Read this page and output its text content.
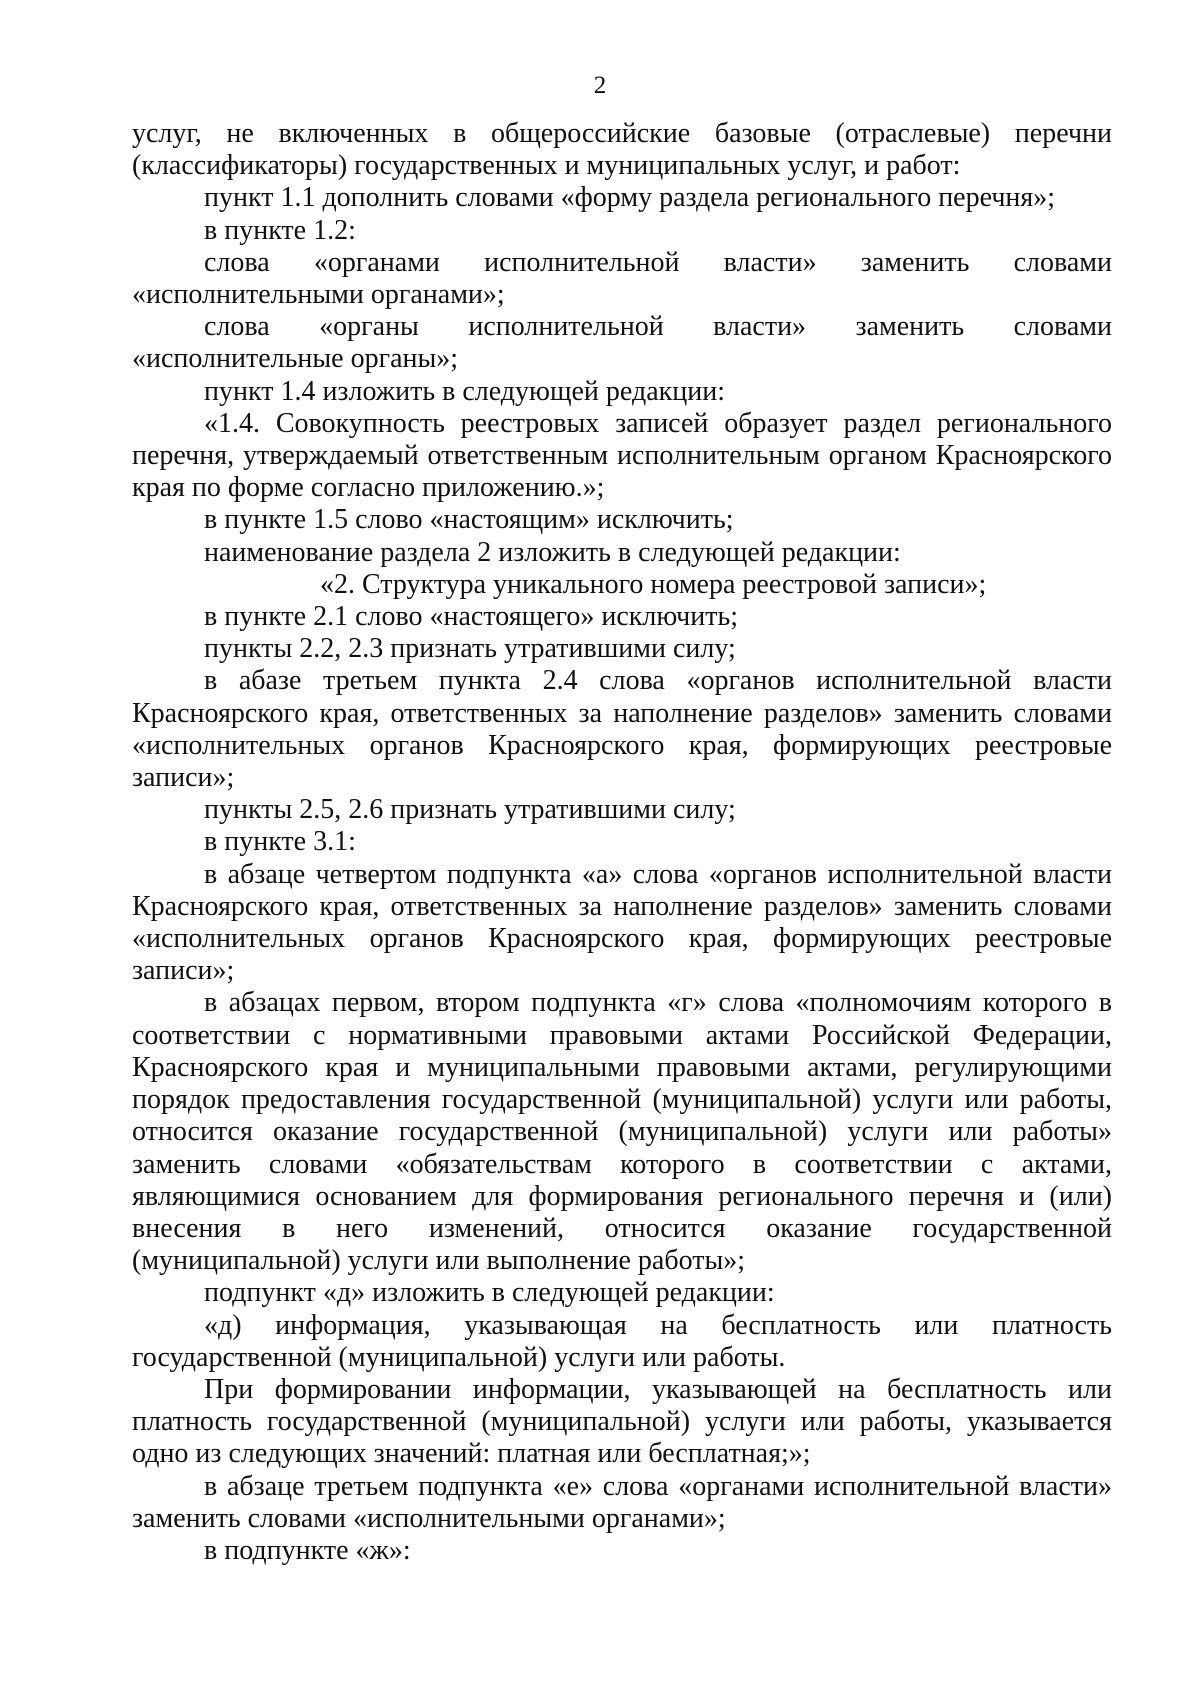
2

услуг, не включенных в общероссийские базовые (отраслевые) перечни (классификаторы) государственных и муниципальных услуг, и работ:

пункт 1.1 дополнить словами «форму раздела регионального перечня»;

в пункте 1.2:

слова «органами исполнительной власти» заменить словами «исполнительными органами»;

слова «органы исполнительной власти» заменить словами «исполнительные органы»;

пункт 1.4 изложить в следующей редакции:

«1.4. Совокупность реестровых записей образует раздел регионального перечня, утверждаемый ответственным исполнительным органом Красноярского края по форме согласно приложению.»;

в пункте 1.5 слово «настоящим» исключить;

наименование раздела 2 изложить в следующей редакции:

«2. Структура уникального номера реестровой записи»;

в пункте 2.1 слово «настоящего» исключить;

пункты 2.2, 2.3 признать утратившими силу;

в абазе третьем пункта 2.4 слова «органов исполнительной власти Красноярского края, ответственных за наполнение разделов» заменить словами «исполнительных органов Красноярского края, формирующих реестровые записи»;

пункты 2.5, 2.6 признать утратившими силу;

в пункте 3.1:

в абзаце четвертом подпункта «а» слова «органов исполнительной власти Красноярского края, ответственных за наполнение разделов» заменить словами «исполнительных органов Красноярского края, формирующих реестровые записи»;

в абзацах первом, втором подпункта «г» слова «полномочиям которого в соответствии с нормативными правовыми актами Российской Федерации, Красноярского края и муниципальными правовыми актами, регулирующими порядок предоставления государственной (муниципальной) услуги или работы, относится оказание государственной (муниципальной) услуги или работы» заменить словами «обязательствам которого в соответствии с актами, являющимися основанием для формирования регионального перечня и (или) внесения в него изменений, относится оказание государственной (муниципальной) услуги или выполнение работы»;

подпункт «д» изложить в следующей редакции:

«д) информация, указывающая на бесплатность или платность государственной (муниципальной) услуги или работы.

При формировании информации, указывающей на бесплатность или платность государственной (муниципальной) услуги или работы, указывается одно из следующих значений: платная или бесплатная;»;

в абзаце третьем подпункта «е» слова «органами исполнительной власти» заменить словами «исполнительными органами»;

в подпункте «ж»:
